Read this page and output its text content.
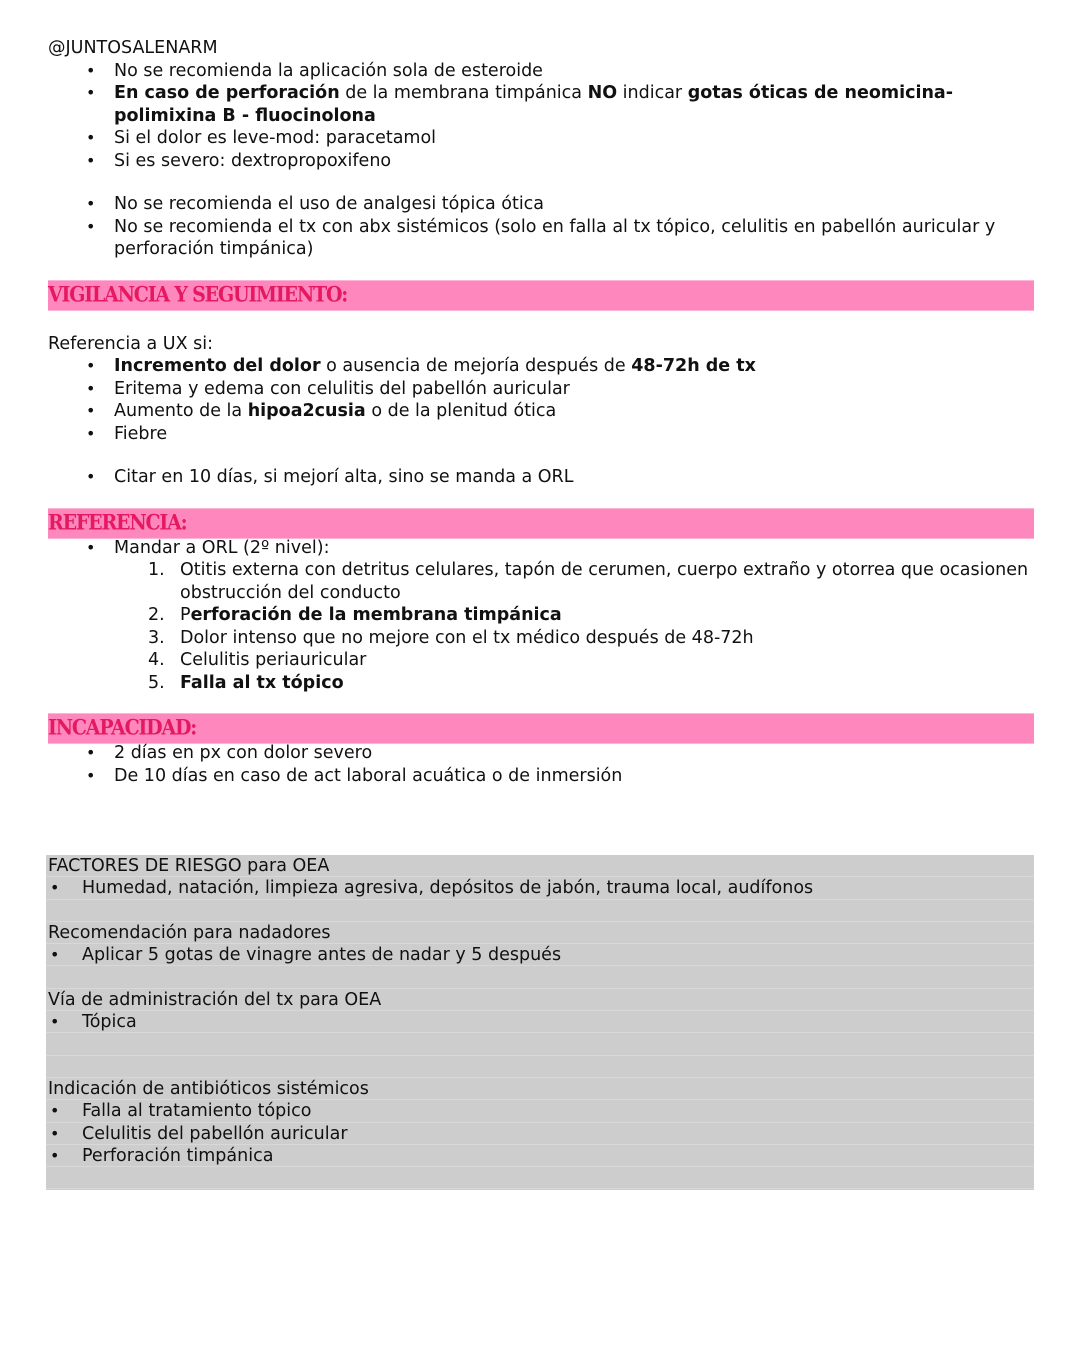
@JUNTOSALENARM
• No se recomienda la aplicación sola de esteroide
• En caso de perforación de la membrana timpánica NO indicar gotas óticas de neomicina- polimixina B - fluocinolona
• Si el dolor es leve-mod: paracetamol
• Si es severo: dextropropoxifeno
• No se recomienda el uso de analgesi tópica ótica
• No se recomienda el tx con abx sistémicos (solo en falla al tx tópico, celulitis en pabellón auricular y perforación timpánica)
VIGILANCIA Y SEGUIMIENTO:
Referencia a UX si:
• Incremento del dolor o ausencia de mejoría después de 48-72h de tx
• Eritema y edema con celulitis del pabellón auricular
• Aumento de la hipoa2cusia o de la plenitud ótica
• Fiebre
• Citar en 10 días, si mejorí alta, sino se manda a ORL
REFERENCIA:
• Mandar a ORL (2º nivel):
1. Otitis externa con detritus celulares, tapón de cerumen, cuerpo extraño y otorrea que ocasionen obstrucción del conducto
2. Perforación de la membrana timpánica
3. Dolor intenso que no mejore con el tx médico después de 48-72h
4. Celulitis periauricular
5. Falla al tx tópico
INCAPACIDAD:
• 2 días en px con dolor severo
• De 10 días en caso de act laboral acuática o de inmersión
FACTORES DE RIESGO para OEA
• Humedad, natación, limpieza agresiva, depósitos de jabón, trauma local, audífonos
Recomendación para nadadores
• Aplicar 5 gotas de vinagre antes de nadar y 5 después
Vía de administración del tx para OEA
• Tópica
Indicación de antibióticos sistémicos
• Falla al tratamiento tópico
• Celulitis del pabellón auricular
• Perforación timpánica
